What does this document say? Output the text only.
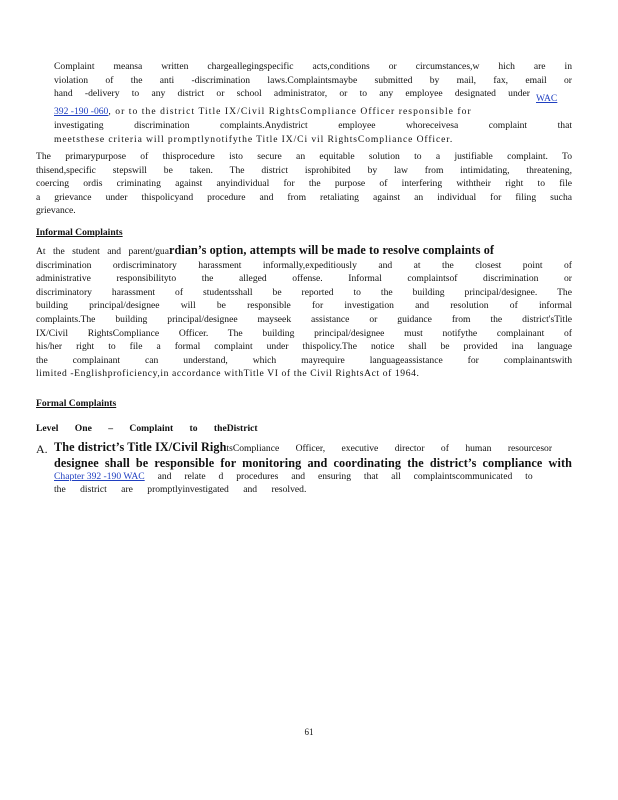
Complaint meansa written chargeallegingspecific acts,conditions or circumstances,w hich are in
violation of the anti -discrimination laws.Complaintsmaybe submitted by mail, fax, email or
hand -delivery to any district or school administrator, or to any employee designated under WAC
392 -190 -060, or to the district Title IX/Civil RightsCompliance Officer responsible for
investigating discrimination complaints.Anydistrict employee whoreceivesa complaint that
meetsthese criteria will promptlynotifythe Title IX/Ci vil RightsCompliance Officer.
The primarypurpose of thisprocedure isto secure an equitable solution to a justifiable complaint. To
thisend,specific stepswill be taken. The district isprohibited by law from intimidating, threatening,
coercing ordis criminating against anyindividual for the purpose of interfering withtheir right to file
a grievance under thispolicyand procedure and from retaliating against an individual for filing sucha
grievance.
Informal Complaints
At the student and parent/guardian’s option, attempts will be made to resolve complaints of
discrimination ordiscriminatory harassment informally,expeditiously and at the closest point of
administrative responsibilityto the alleged offense. Informal complaintsof discrimination or
discriminatory harassment of studentsshall be reported to the building principal/designee. The
building principal/designee will be responsible for investigation and resolution of informal
complaints.The building principal/designee mayseek assistance or guidance from the district'sTitle
IX/Civil RightsCompliance Officer. The building principal/designee must notifythe complainant of
his/her right to file a formal complaint under thispolicy.The notice shall be provided ina language
the complainant can understand, which mayrequire languageassistance for complainantswith
limited -Englishproficiency,in accordance withTitle VI of the Civil RightsAct of 1964.
Formal Complaints
Level One – Complaint to theDistrict
A. The district’s Title IX/Civil RightsCompliance Officer, executive director of human resourcesor
designee shall be responsible for monitoring and coordinating the district’s compliance with
Chapter 392 -190 WAC and relate d procedures and ensuring that all complaintscommunicated to
the district are promptlyinvestigated and resolved.
61
